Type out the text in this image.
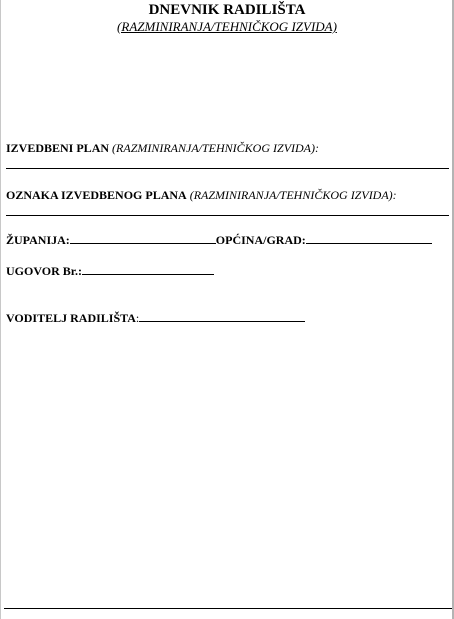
DNEVNIK RADILIŠTA
(RAZMINIRANJA/TEHNIČKOG IZVIDA)
IZVEDBENI PLAN (RAZMINIRANJA/TEHNIČKOG IZVIDA):
OZNAKA IZVEDBENOG PLANA (RAZMINIRANJA/TEHNIČKOG IZVIDA):
ŽUPANIJA:	OPĆINA/GRAD:
UGOVOR Br.:
VODITELJ RADILIŠTA:
